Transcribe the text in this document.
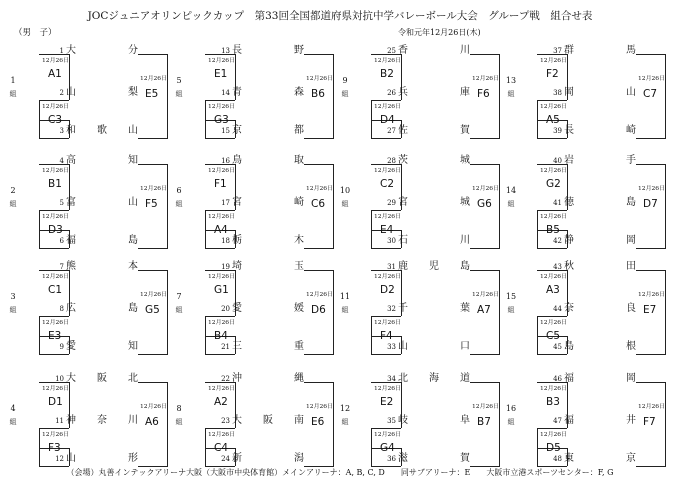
JOCジュニアオリンピックカップ　第33回全国都道府県対抗中学バレーボール大会　グループ戦　組合せ表
（男　子）	令和元年12月26日(木)
1
組
12月26日
A1
12月26日
C3
12月26日
E5
1 大分
2 山梨
3 和歌山
2
組
12月26日
B1
12月26日
D3
12月26日
F5
4 高知
5 富山
6 福島
3
組
12月26日
C1
12月26日
E3
12月26日
G5
7 熊本
8 広島
9 愛知
4
組
12月26日
D1
12月26日
F3
12月26日
A6
10 大阪北
11 神奈川
12 山形
5
組
12月26日
E1
12月26日
G3
12月26日
B6
13 長野
14 青森
15 京都
6
組
12月26日
F1
12月26日
A4
12月26日
C6
16 鳥取
17 宮崎
18 栃木
7
組
12月26日
G1
12月26日
B4
12月26日
D6
19 埼玉
20 愛媛
21 三重
8
組
12月26日
A2
12月26日
C4
12月26日
E6
22 沖縄
23 大阪南
24 新潟
9
組
12月26日
B2
12月26日
D4
12月26日
F6
25 香川
26 兵庫
27 佐賀
10
組
12月26日
C2
12月26日
E4
12月26日
G6
28 茨城
29 宮城
30 石川
11
組
12月26日
D2
12月26日
F4
12月26日
A7
31 鹿児島
32 千葉
33 山口
12
組
12月26日
E2
12月26日
G4
12月26日
B7
34 北海道
35 岐阜
36 滋賀
13
組
12月26日
F2
12月26日
A5
12月26日
C7
37 群馬
38 岡山
39 長崎
14
組
12月26日
G2
12月26日
B5
12月26日
D7
40 岩手
41 徳島
42 静岡
15
組
12月26日
A3
12月26日
C5
12月26日
E7
43 秋田
44 奈良
45 島根
16
組
12月26日
B3
12月26日
D5
12月26日
F7
46 福岡
47 福井
48 東京
（会場）丸善インテックアリーナ大阪（大阪市中央体育館）メインアリーナ：A, B, C, D　　同サブアリーナ：E　　大阪市立港スポーツセンター：F, G
